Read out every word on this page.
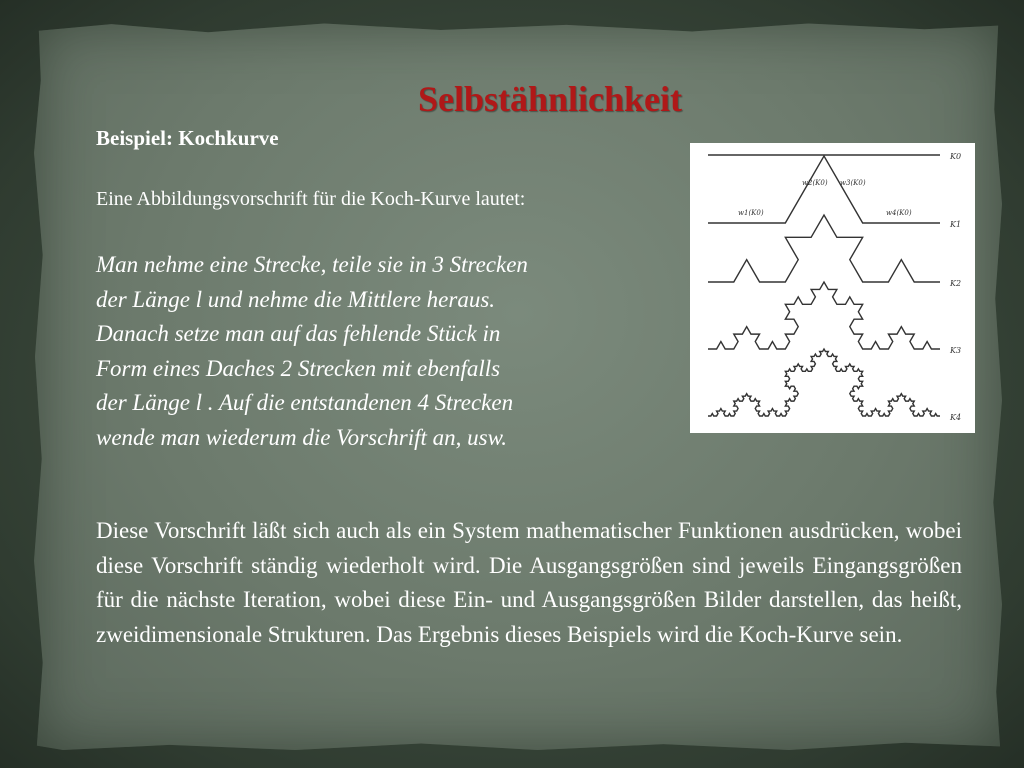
Selbstähnlichkeit

Beispiel: Kochkurve

Eine Abbildungsvorschrift für die Koch-Kurve lautet:

Man nehme eine Strecke, teile sie in 3 Strecken
der Länge l und nehme die Mittlere heraus.
Danach setze man auf das fehlende Stück in
Form eines Daches 2 Strecken mit ebenfalls
der Länge l . Auf die entstandenen 4 Strecken
wende man wiederum die Vorschrift an, usw.

K0
K1
K2
K3
K4
w1(K0)
w2(K0) w3(K0)
w4(K0)

Diese Vorschrift läßt sich auch als ein System mathematischer Funktionen ausdrücken, wobei diese Vorschrift ständig wiederholt wird. Die Ausgangsgrößen sind jeweils Eingangsgrößen für die nächste Iteration, wobei diese Ein- und Ausgangsgrößen Bilder darstellen, das heißt, zweidimensionale Strukturen. Das Ergebnis dieses Beispiels wird die Koch-Kurve sein.
